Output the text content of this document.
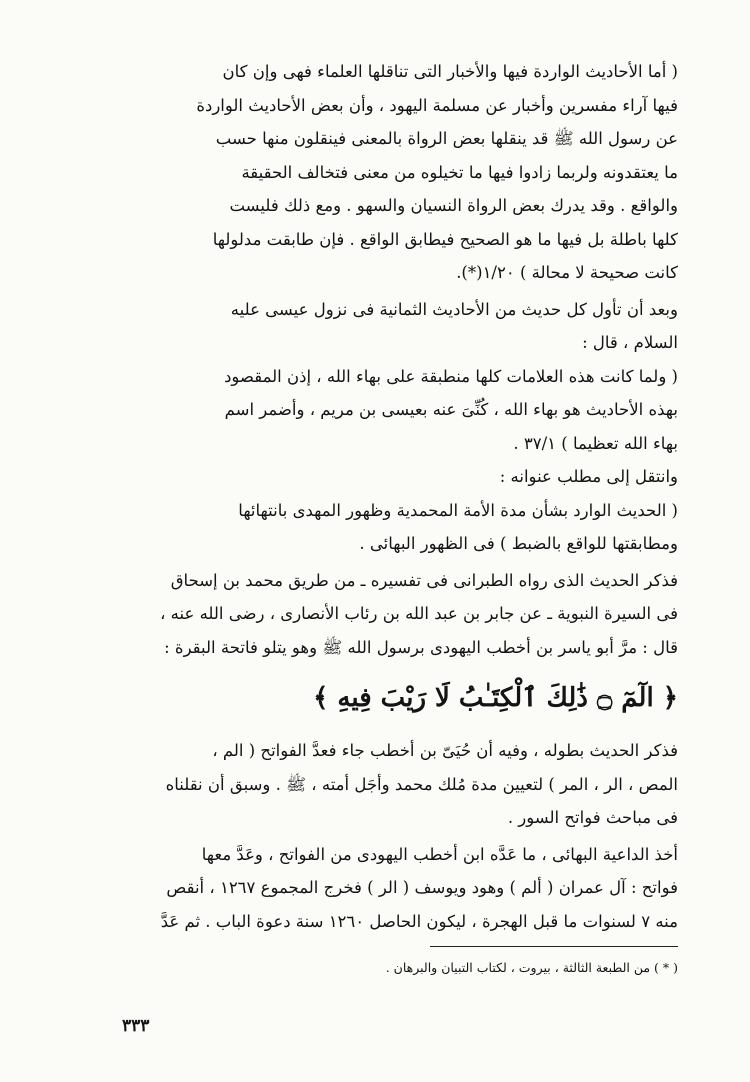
( أما الأحاديث الواردة فيها والأخبار التى تناقلها العلماء فهى وإن كان

فيها آراء مفسرين وأخبار عن مسلمة اليهود ، وأن بعض الأحاديث الواردة

عن رسول الله ﷺ قد ينقلها بعض الرواة بالمعنى فينقلون منها حسب

ما يعتقدونه ولربما زادوا فيها ما تخيلوه من معنى فتخالف الحقيقة

والواقع . وقد يدرك بعض الرواة النسيان والسهو . ومع ذلك فليست

كلها باطلة بل فيها ما هو الصحيح فيطابق الواقع . فإن طابقت مدلولها

كانت صحيحة لا محالة ) ١/٢٠(*).

وبعد أن تأول كل حديث من الأحاديث الثمانية فى نزول عيسى عليه

السلام ، قال :

( ولما كانت هذه العلامات كلها منطبقة على بهاء الله ، إذن المقصود

بهذه الأحاديث هو بهاء الله ، كُنِّىَ عنه بعيسى بن مريم ، وأضمر اسم

بهاء الله تعظيما ) ٣٧/١ .

وانتقل إلى مطلب عنوانه :

( الحديث الوارد بشأن مدة الأمة المحمدية وظهور المهدى بانتهائها

ومطابقتها للواقع بالضبط ) فى الظهور البهائى .

فذكر الحديث الذى رواه الطبرانى فى تفسيره ـ من طريق محمد بن إسحاق

فى السيرة النبوية ـ عن جابر بن عبد الله بن رئاب الأنصارى ، رضى الله عنه ،

قال : مرَّ أبو ياسر بن أخطب اليهودى برسول الله ﷺ وهو يتلو فاتحة البقرة :

﴿ الٓمٓ ۝ ذَٰلِكَ ٱلْكِتَـٰبُ لَا رَيْبَ فِيهِ ﴾

فذكر الحديث بطوله ، وفيه أن حُيَىّ بن أخطب جاء فعدَّ الفواتح ( الم ،

المص ، الر ، المر ) لتعيين مدة مُلك محمد وأجَل أمته ، ﷺ . وسبق أن نقلناه

فى مباحث فواتح السور .

أخذ الداعية البهائى ، ما عَدَّه ابن أخطب اليهودى من الفواتح ، وعَدَّ معها

فواتح : آل عمران ( ألم ) وهود ويوسف ( الر ) فخرج المجموع ١٢٦٧ ، أنقص

منه ٧ لسنوات ما قبل الهجرة ، ليكون الحاصل ١٢٦٠ سنة دعوة الباب . ثم عَدَّ

( * ) من الطبعة الثالثة ، بيروت ، لكتاب التبيان والبرهان .
٣٣٣
